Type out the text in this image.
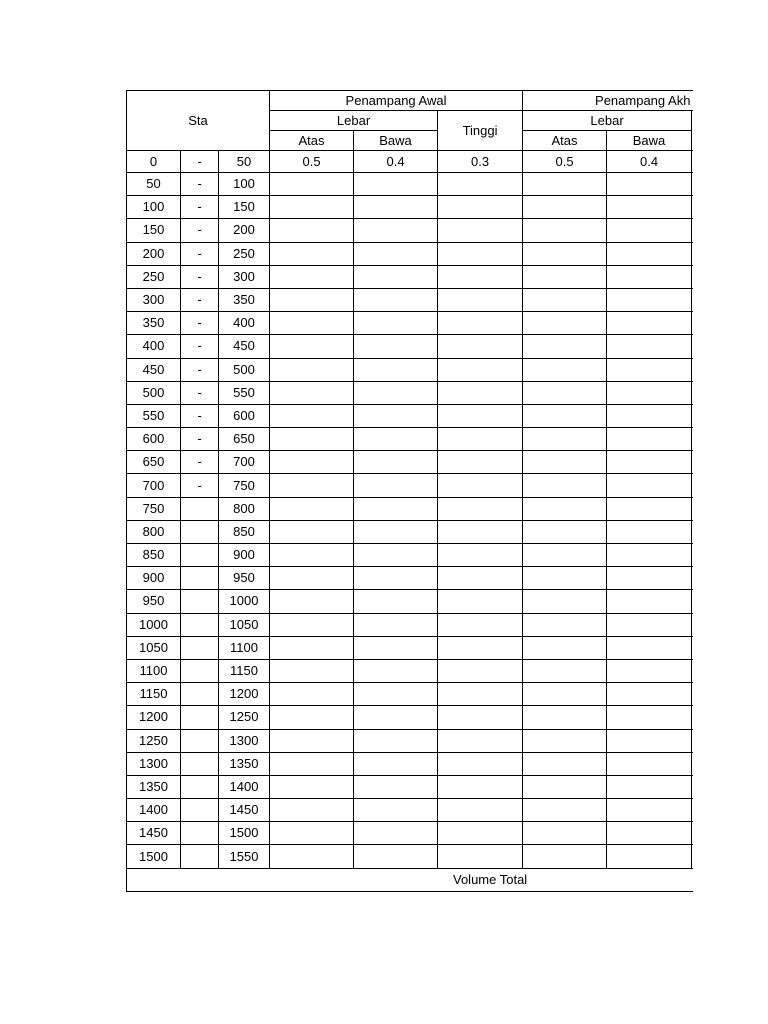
Sta			Penampang Awal			Penampang Akh		
			Lebar		Tinggi	Lebar		
			Atas	Bawa		Atas	Bawa	
0	-	50	0.5	0.4	0.3	0.5	0.4	
50	-	100						
100	-	150						
150	-	200						
200	-	250						
250	-	300						
300	-	350						
350	-	400						
400	-	450						
450	-	500						
500	-	550						
550	-	600						
600	-	650						
650	-	700						
700	-	750						
750		800						
800		850						
850		900						
900		950						
950		1000						
1000		1050						
1050		1100						
1100		1150						
1150		1200						
1200		1250						
1250		1300						
1300		1350						
1350		1400						
1400		1450						
1450		1500						
1500		1550						
Volume Total								
